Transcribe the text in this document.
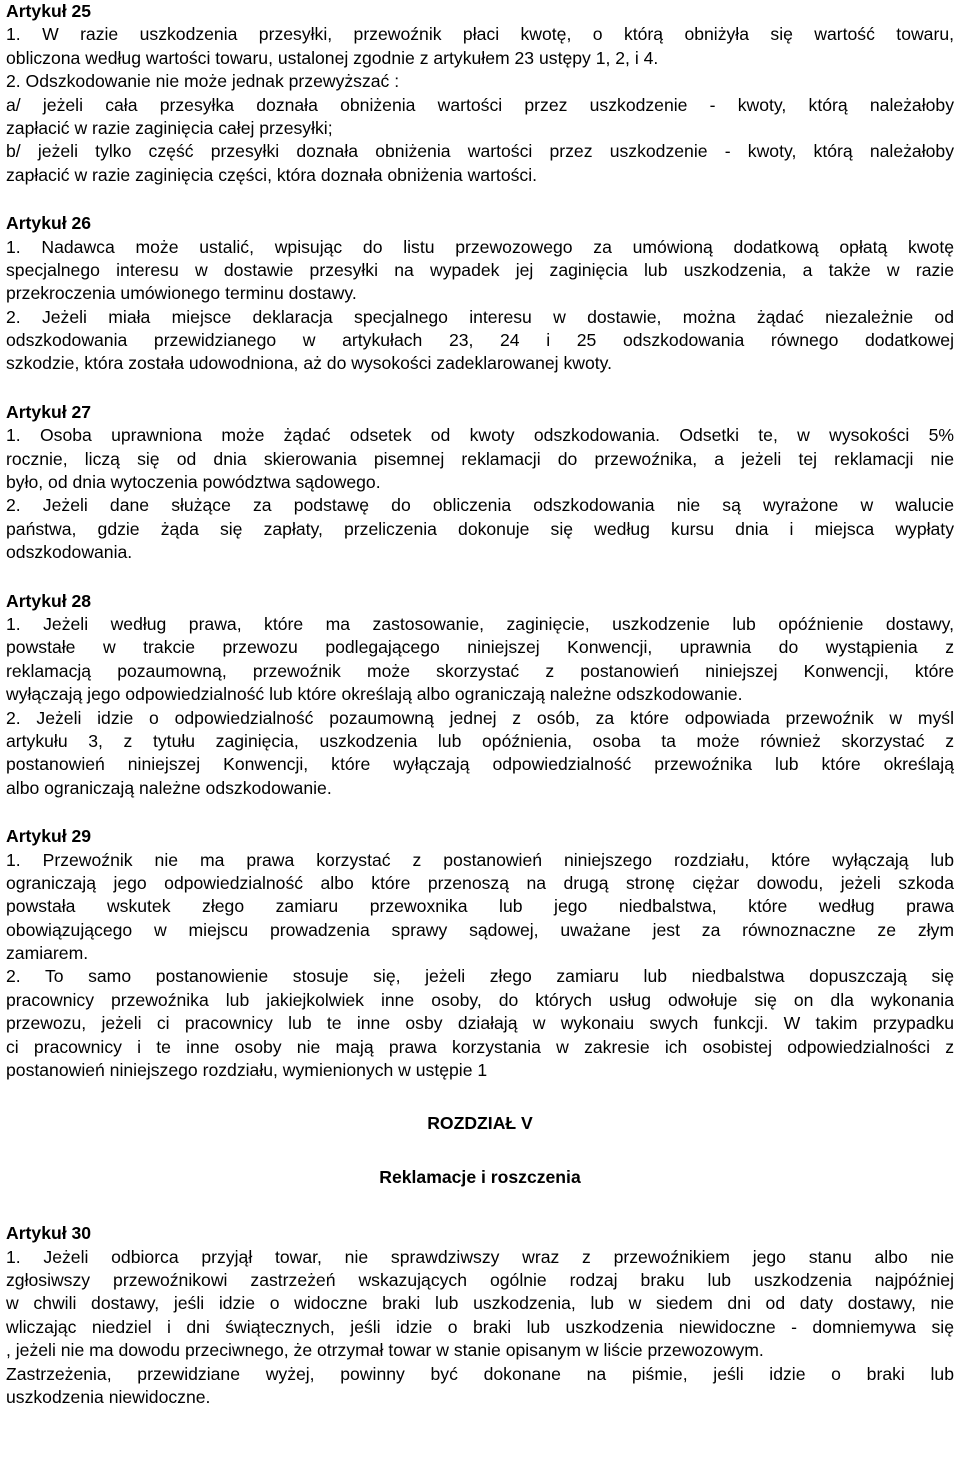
Artykuł 25
1. W razie uszkodzenia przesyłki, przewoźnik płaci kwotę, o którą obniżyła się wartość towaru,
obliczona według wartości towaru, ustalonej zgodnie z artykułem 23 ustępy 1, 2, i 4.
2. Odszkodowanie nie może jednak przewyższać :
a/ jeżeli cała przesyłka doznała obniżenia wartości przez uszkodzenie - kwoty, którą należałoby
zapłacić w razie zaginięcia całej przesyłki;
b/ jeżeli tylko część przesyłki doznała obniżenia wartości przez uszkodzenie - kwoty, którą należałoby
zapłacić w razie zaginięcia części, która doznała obniżenia wartości.
Artykuł 26
1. Nadawca może ustalić, wpisując do listu przewozowego za umówioną dodatkową opłatą kwotę
specjalnego interesu w dostawie przesyłki na wypadek jej zaginięcia lub uszkodzenia, a także w razie
przekroczenia umówionego terminu dostawy.
2. Jeżeli miała miejsce deklaracja specjalnego interesu w dostawie, można żądać niezależnie od
odszkodowania przewidzianego w artykułach 23, 24 i 25 odszkodowania równego dodatkowej
szkodzie, która została udowodniona, aż do wysokości zadeklarowanej kwoty.
Artykuł 27
1. Osoba uprawniona może żądać odsetek od kwoty odszkodowania. Odsetki te, w wysokości 5%
rocznie, liczą się od dnia skierowania pisemnej reklamacji do przewoźnika, a jeżeli tej reklamacji nie
było, od dnia wytoczenia powództwa sądowego.
2. Jeżeli dane służące za podstawę do obliczenia odszkodowania nie są wyrażone w walucie
państwa, gdzie żąda się zapłaty, przeliczenia dokonuje się według kursu dnia i miejsca wypłaty
odszkodowania.
Artykuł 28
1. Jeżeli według prawa, które ma zastosowanie, zaginięcie, uszkodzenie lub opóźnienie dostawy,
powstałe w trakcie przewozu podlegającego niniejszej Konwencji, uprawnia do wystąpienia z
reklamacją pozaumowną, przewoźnik może skorzystać z postanowień niniejszej Konwencji, które
wyłączają jego odpowiedzialność lub które określają albo ograniczają należne odszkodowanie.
2. Jeżeli idzie o odpowiedzialność pozaumowną jednej z osób, za które odpowiada przewoźnik w myśl
artykułu 3, z tytułu zaginięcia, uszkodzenia lub opóźnienia, osoba ta może również skorzystać z
postanowień niniejszej Konwencji, które wyłączają odpowiedzialność przewoźnika lub które określają
albo ograniczają należne odszkodowanie.
Artykuł 29
1. Przewoźnik nie ma prawa korzystać z postanowień niniejszego rozdziału, które wyłączają lub
ograniczają jego odpowiedzialność albo które przenoszą na drugą stronę ciężar dowodu, jeżeli szkoda
powstała wskutek złego zamiaru przewoxnika lub jego niedbalstwa, które według prawa
obowiązującego w miejscu prowadzenia sprawy sądowej, uważane jest za równoznaczne ze złym
zamiarem.
2. To samo postanowienie stosuje się, jeżeli złego zamiaru lub niedbalstwa dopuszczają się
pracownicy przewoźnika lub jakiejkolwiek inne osoby, do których usług odwołuje się on dla wykonania
przewozu, jeżeli ci pracownicy lub te inne osby działają w wykonaiu swych funkcji. W takim przypadku
ci pracownicy i te inne osoby nie mają prawa korzystania w zakresie ich osobistej odpowiedzialności z
postanowień niniejszego rozdziału, wymienionych w ustępie 1
ROZDZIAŁ V
Reklamacje i roszczenia
Artykuł 30
1. Jeżeli odbiorca przyjął towar, nie sprawdziwszy wraz z przewoźnikiem jego stanu albo nie
zgłosiwszy przewoźnikowi zastrzeżeń wskazujących ogólnie rodzaj braku lub uszkodzenia najpóźniej
w chwili dostawy, jeśli idzie o widoczne braki lub uszkodzenia, lub w siedem dni od daty dostawy, nie
wliczając niedziel i dni świątecznych, jeśli idzie o braki lub uszkodzenia niewidoczne - domniemywa się
, jeżeli nie ma dowodu przeciwnego, że otrzymał towar w stanie opisanym w liście przewozowym.
Zastrzeżenia, przewidziane wyżej, powinny być dokonane na piśmie, jeśli idzie o braki lub
uszkodzenia niewidoczne.
